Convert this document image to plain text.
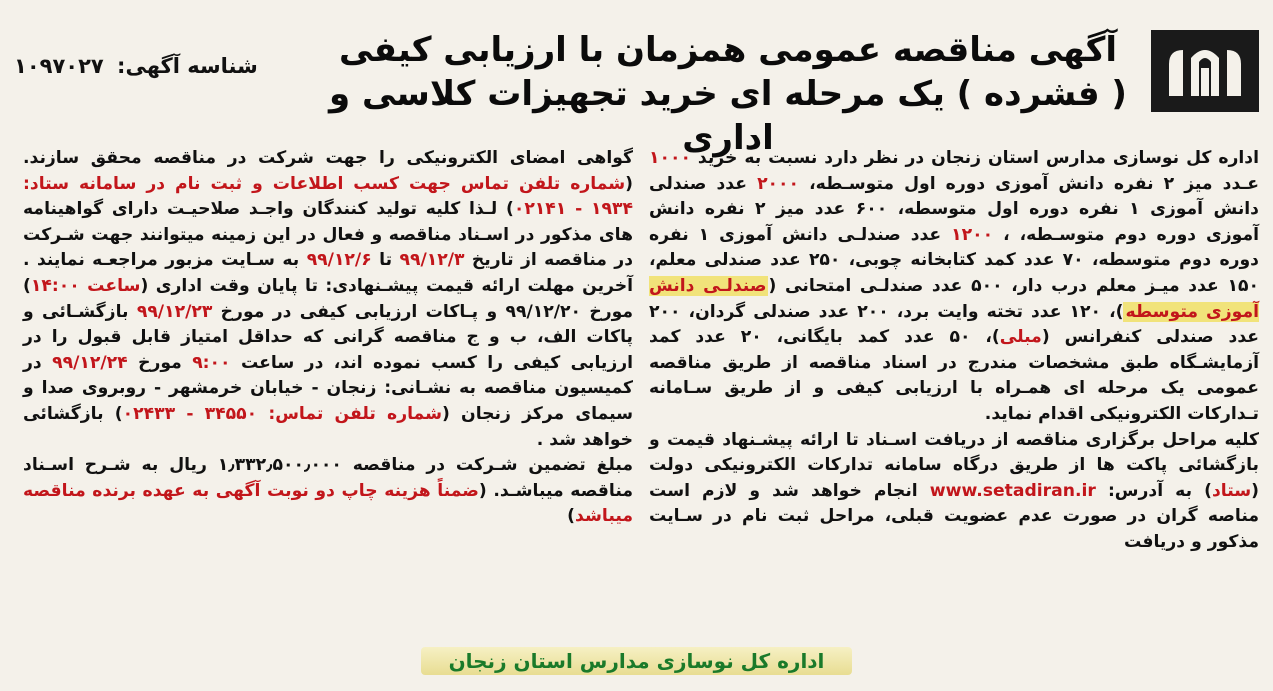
شناسه آگهی: ۱۰۹۷۰۲۷	آگهی مناقصه عمومی همزمان با ارزیابی کیفی
( فشرده ) یک مرحله ای خرید تجهیزات کلاسی و اداری
اداره کل نوسازی مدارس استان زنجان در نظر دارد نسبت به خرید ۱۰۰۰ عـدد میز ۲ نفره دانش آموزی دوره اول متوسـطه، ۲۰۰۰ عدد صندلی دانش آموزی ۱ نفره دوره اول متوسطه، ۶۰۰ عدد میز ۲ نفره دانش آموزی دوره دوم متوسـطه، ، ۱۲۰۰ عدد صندلـی دانش آموزی ۱ نفره دوره دوم متوسطه، ۷۰ عدد کمد کتابخانه چوبی، ۲۵۰ عدد صندلی معلم، ۱۵۰ عدد میـز معلم درب دار، ۵۰۰ عدد صندلـی امتحانی (صندلـی دانش آموزی متوسطه)، ۱۲۰ عدد تخته وایت برد، ۲۰۰ عدد صندلی گردان، ۲۰۰ عدد صندلی کنفرانس (مبلی)، ۵۰ عدد کمد بایگانی، ۲۰ عدد کمد آزمایشـگاه طبق مشخصات مندرج در اسناد مناقصه از طریق مناقصه عمومی یک مرحله ای همـراه با ارزیابی کیفی و از طریق سـامانه تـدارکات الکترونیکی اقدام نماید.
کلیه مراحل برگزاری مناقصه از دریافت اسـناد تا ارائه پیشـنهاد قیمت و بازگشائی پاکت ها از طریق درگاه سامانه تدارکات الکترونیکی دولت (ستاد) به آدرس: www.setadiran.ir انجام خواهد شد و لازم است مناصه گران در صورت عدم عضویت قبلی، مراحل ثبت نام در سـایت مذکور و دریافت
گواهی امضای الکترونیکی را جهت شرکت در مناقصه محقق سازند. (شماره تلفن تماس جهت کسب اطلاعات و ثبت نام در سامانه ستاد: ۱۹۳۴ - ۰۲۱۴۱) لـذا کلیه تولید کنندگان واجـد صلاحیـت دارای گواهینامه های مذکور در اسـناد مناقصه و فعال در این زمینه میتوانند جهت شـرکت در مناقصه از تاریخ ۹۹/۱۲/۳ تا ۹۹/۱۲/۶ به سـایت مزبور مراجعـه نمایند . آخرین مهلت ارائه قیمت پیشـنهادی: تا پایان وقت اداری (ساعت ۱۴:۰۰) مورخ ۹۹/۱۲/۲۰ و پـاکات ارزیابی کیفی در مورخ ۹۹/۱۲/۲۳ بازگشـائی و پاکات الف، ب و ج مناقصه گرانی که حداقل امتیاز قابل قبول را در ارزیابی کیفی را کسب نموده اند، در ساعت ۹:۰۰ مورخ ۹۹/۱۲/۲۴ در کمیسیون مناقصه به نشـانی: زنجان - خیابان خرمشهر - روبروی صدا و سیمای مرکز زنجان (شماره تلفن تماس: ۳۴۵۵۰ - ۰۲۴۳۳) بازگشائی خواهد شد .
مبلغ تضمین شـرکت در مناقصه ۱٫۳۳۲٫۵۰۰٫۰۰۰ ریال به شـرح اسـناد مناقصه میباشـد. (ضمناً هزینه چاپ دو نوبت آگهی به عهده برنده مناقصه میباشد)
اداره کل نوسازی مدارس استان زنجان
